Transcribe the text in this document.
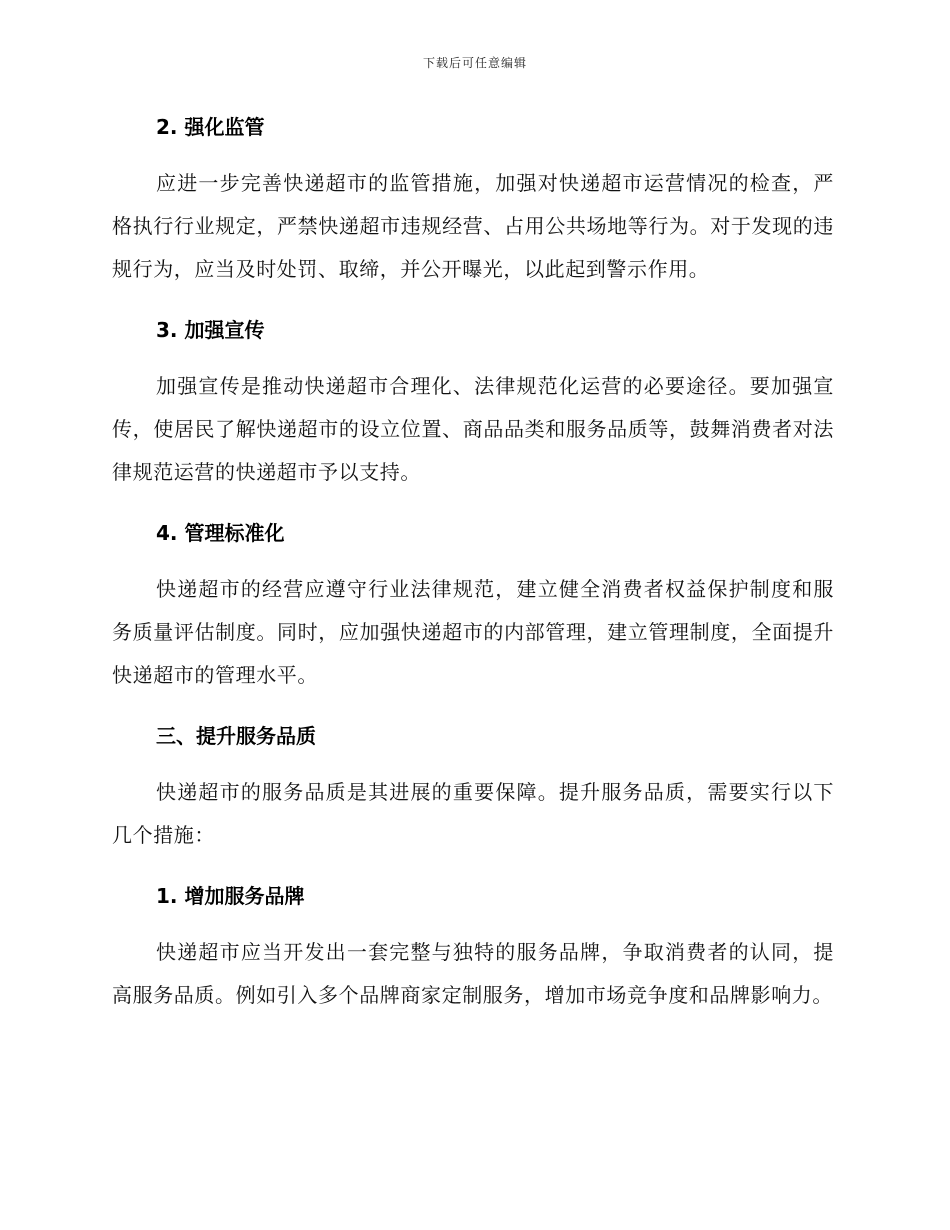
下载后可任意编辑
2. 强化监管

应进一步完善快递超市的监管措施，加强对快递超市运营情况的检查，严格执行行业规定，严禁快递超市违规经营、占用公共场地等行为。对于发现的违规行为，应当及时处罚、取缔，并公开曝光，以此起到警示作用。

3. 加强宣传

加强宣传是推动快递超市合理化、法律规范化运营的必要途径。要加强宣传，使居民了解快递超市的设立位置、商品品类和服务品质等，鼓舞消费者对法律规范运营的快递超市予以支持。

4. 管理标准化

快递超市的经营应遵守行业法律规范，建立健全消费者权益保护制度和服务质量评估制度。同时，应加强快递超市的内部管理，建立管理制度，全面提升快递超市的管理水平。

三、提升服务品质

快递超市的服务品质是其进展的重要保障。提升服务品质，需要实行以下几个措施：

1. 增加服务品牌

快递超市应当开发出一套完整与独特的服务品牌，争取消费者的认同，提高服务品质。例如引入多个品牌商家定制服务，增加市场竞争度和品牌影响力。
